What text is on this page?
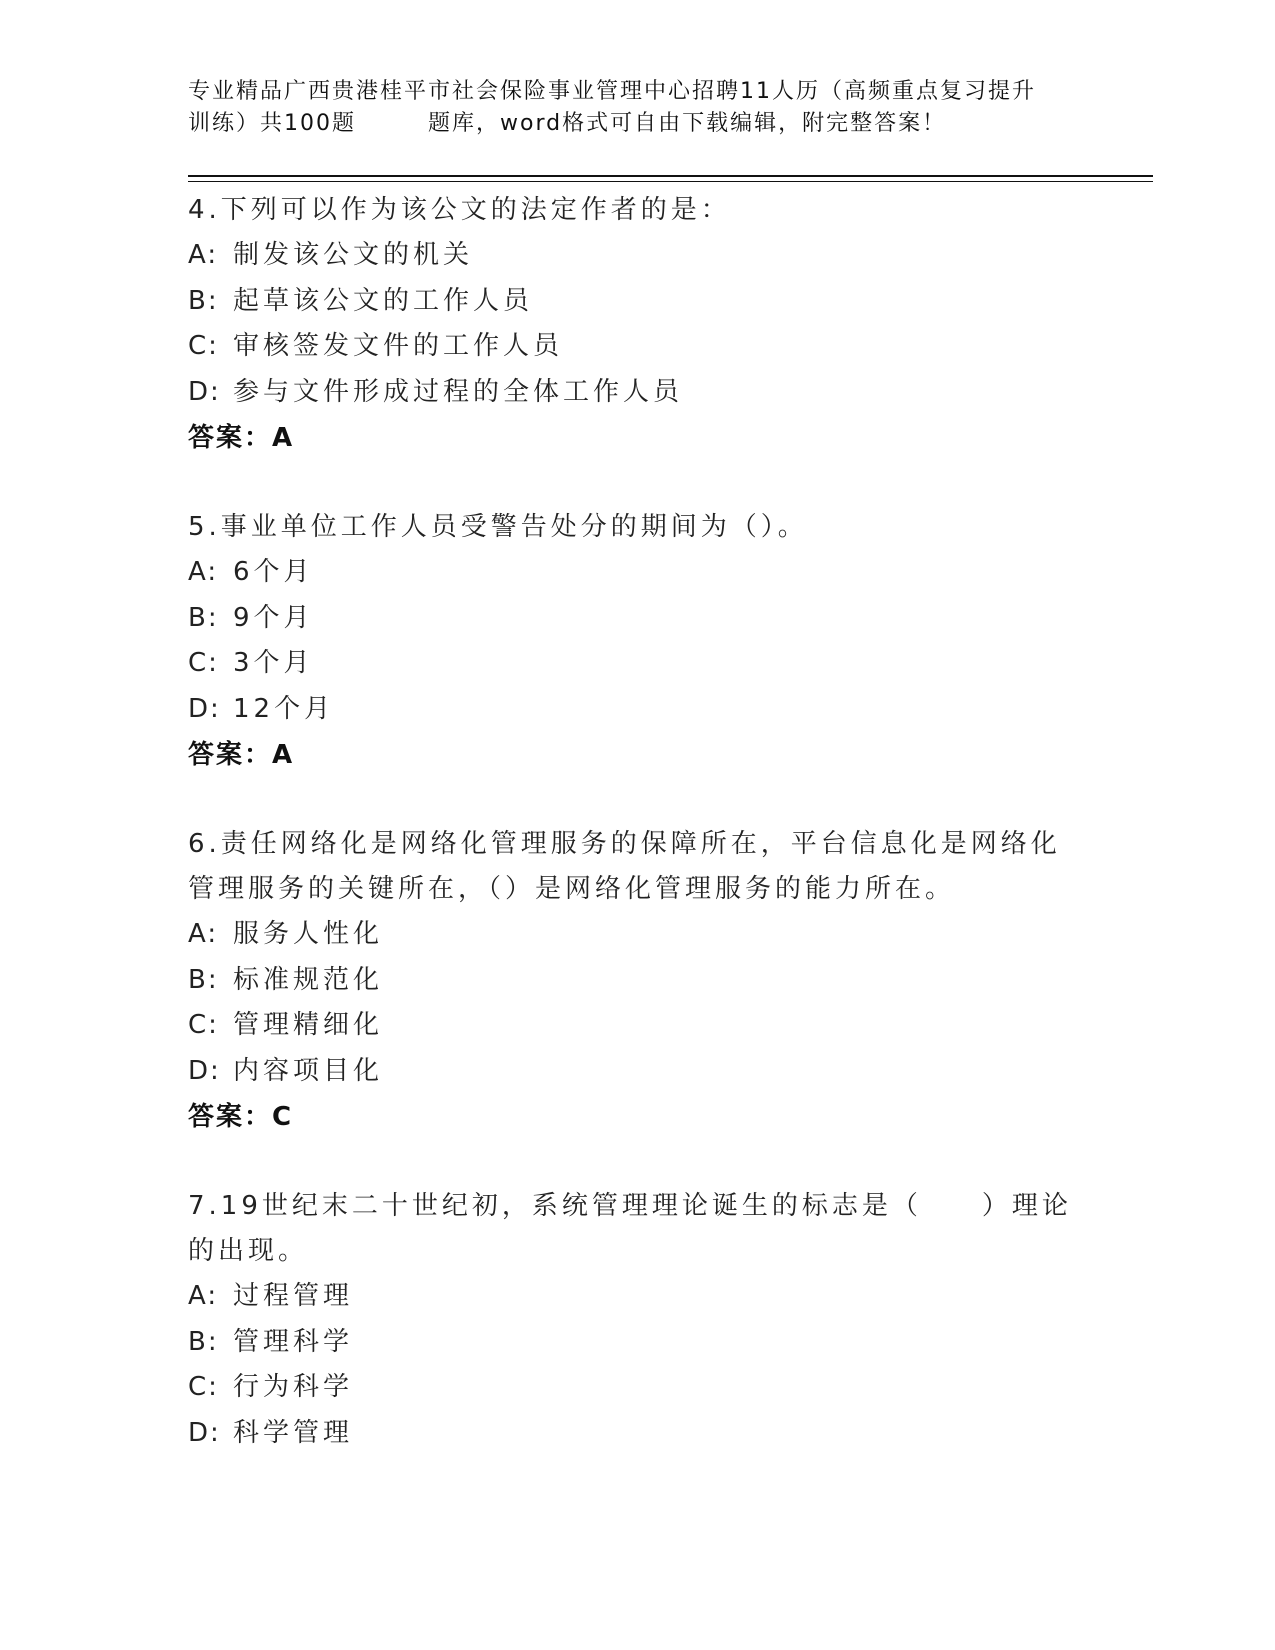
专业精品广西贵港桂平市社会保险事业管理中心招聘11人历（高频重点复习提升
训练）共100题	题库，word格式可自由下载编辑，附完整答案！
4.下列可以作为该公文的法定作者的是：
A: 制发该公文的机关
B: 起草该公文的工作人员
C: 审核签发文件的工作人员
D: 参与文件形成过程的全体工作人员
答案：A
5.事业单位工作人员受警告处分的期间为（）。
A: 6个月
B: 9个月
C: 3个月
D: 12个月
答案：A
6.责任网络化是网络化管理服务的保障所在，平台信息化是网络化管理服务的关键所在，（）是网络化管理服务的能力所在。
A: 服务人性化
B: 标准规范化
C: 管理精细化
D: 内容项目化
答案：C
7.19世纪末二十世纪初，系统管理理论诞生的标志是（　　）理论的出现。
A: 过程管理
B: 管理科学
C: 行为科学
D: 科学管理
